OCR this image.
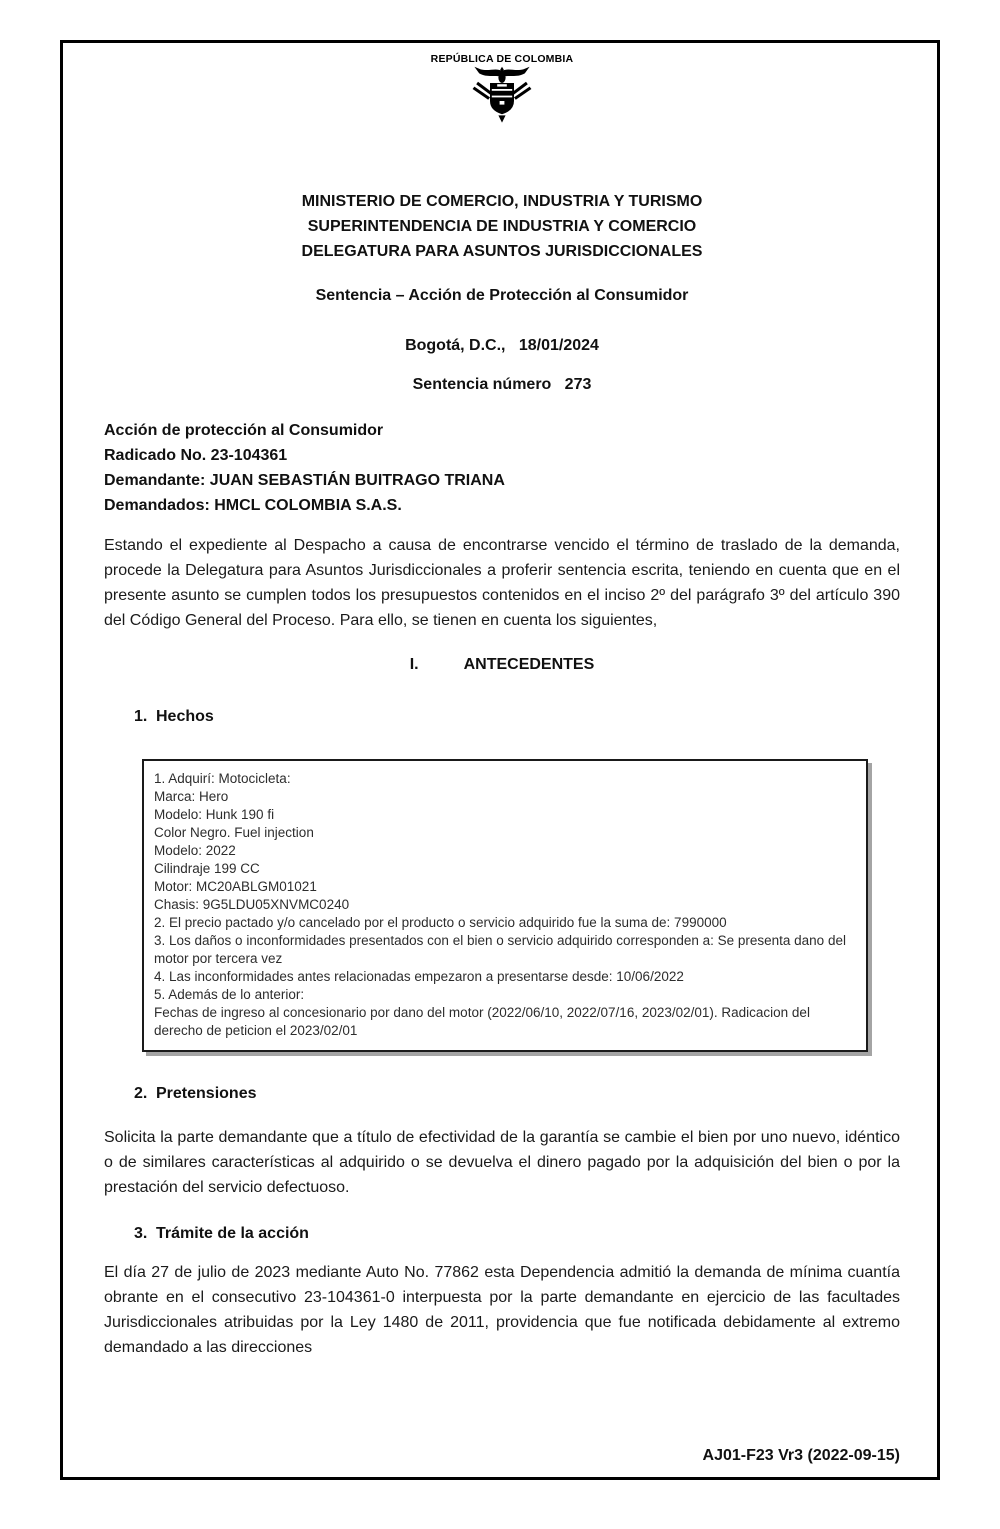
REPÚBLICA DE COLOMBIA
MINISTERIO DE COMERCIO, INDUSTRIA Y TURISMO
SUPERINTENDENCIA DE INDUSTRIA Y COMERCIO
DELEGATURA PARA ASUNTOS JURISDICCIONALES
Sentencia – Acción de Protección al Consumidor
Bogotá, D.C.,   18/01/2024
Sentencia número   273
Acción de protección al Consumidor
Radicado No. 23-104361
Demandante: JUAN SEBASTIÁN BUITRAGO TRIANA
Demandados: HMCL COLOMBIA S.A.S.
Estando el expediente al Despacho a causa de encontrarse vencido el término de traslado de la demanda, procede la Delegatura para Asuntos Jurisdiccionales a proferir sentencia escrita, teniendo en cuenta que en el presente asunto se cumplen todos los presupuestos contenidos en el inciso 2º del parágrafo 3º del artículo 390 del Código General del Proceso. Para ello, se tienen en cuenta los siguientes,
I.	ANTECEDENTES
1. Hechos
1. Adquirí: Motocicleta:
Marca: Hero
Modelo: Hunk 190 fi
Color Negro. Fuel injection
Modelo: 2022
Cilindraje 199 CC
Motor: MC20ABLGM01021
Chasis: 9G5LDU05XNVMC0240
2. El precio pactado y/o cancelado por el producto o servicio adquirido fue la suma de: 7990000
3. Los daños o inconformidades presentados con el bien o servicio adquirido corresponden a: Se presenta dano del motor por tercera vez
4. Las inconformidades antes relacionadas empezaron a presentarse desde: 10/06/2022
5. Además de lo anterior:
Fechas de ingreso al concesionario por dano del motor (2022/06/10, 2022/07/16, 2023/02/01). Radicacion del derecho de peticion el 2023/02/01
2. Pretensiones
Solicita la parte demandante que a título de efectividad de la garantía se cambie el bien por uno nuevo, idéntico o de similares características al adquirido o se devuelva el dinero pagado por la adquisición del bien o por la prestación del servicio defectuoso.
3. Trámite de la acción
El día 27 de julio de 2023 mediante Auto No. 77862 esta Dependencia admitió la demanda de mínima cuantía obrante en el consecutivo 23-104361-0 interpuesta por la parte demandante en ejercicio de las facultades Jurisdiccionales atribuidas por la Ley 1480 de 2011, providencia que fue notificada debidamente al extremo demandado a las direcciones
AJ01-F23 Vr3 (2022-09-15)
